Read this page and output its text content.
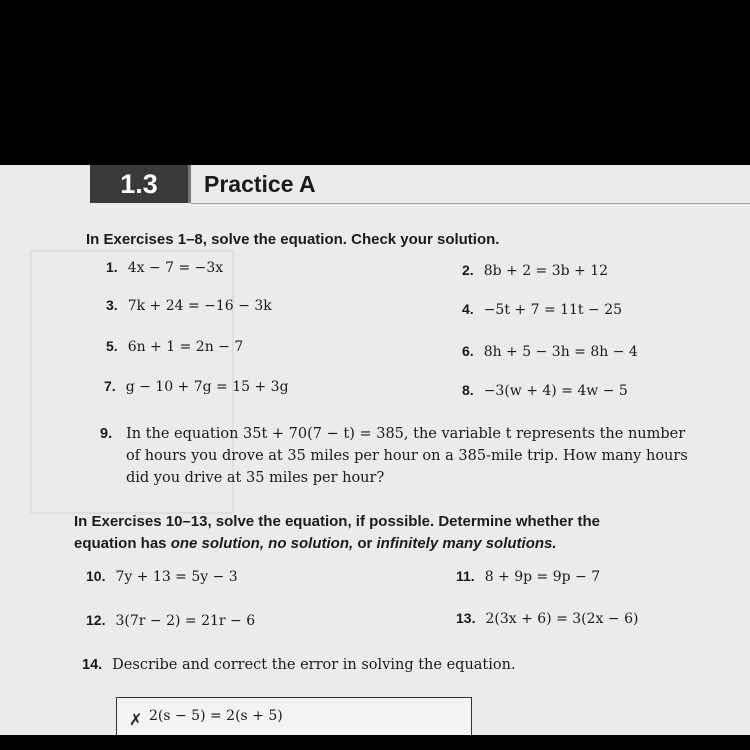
1.3	Practice A
In Exercises 1–8, solve the equation. Check your solution.
1. 4x − 7 = −3x	2. 8b + 2 = 3b + 12
3. 7k + 24 = −16 − 3k	4. −5t + 7 = 11t − 25
5. 6n + 1 = 2n − 7	6. 8h + 5 − 3h = 8h − 4
7. g − 10 + 7g = 15 + 3g	8. −3(w + 4) = 4w − 5
9. In the equation 35t + 70(7 − t) = 385, the variable t represents the number
of hours you drove at 35 miles per hour on a 385-mile trip. How many hours
did you drive at 35 miles per hour?
In Exercises 10–13, solve the equation, if possible. Determine whether the
equation has one solution, no solution, or infinitely many solutions.
10. 7y + 13 = 5y − 3	11. 8 + 9p = 9p − 7
12. 3(7r − 2) = 21r − 6	13. 2(3x + 6) = 3(2x − 6)
14. Describe and correct the error in solving the equation.
✗ 2(s − 5) = 2(s + 5)
